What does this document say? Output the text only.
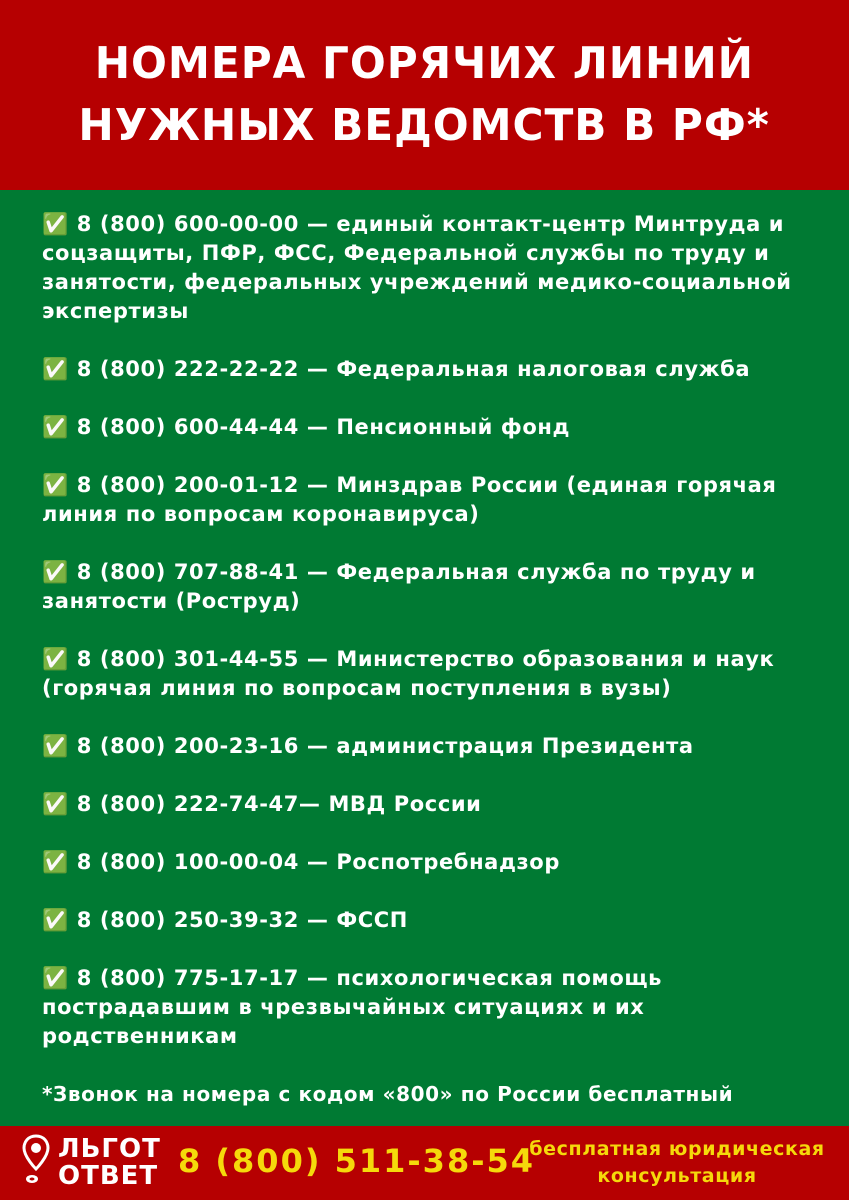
НОМЕРА ГОРЯЧИХ ЛИНИЙ
НУЖНЫХ ВЕДОМСТВ В РФ*
✅ 8 (800) 600-00-00 — единый контакт-центр Минтруда и соцзащиты, ПФР, ФСС, Федеральной службы по труду и занятости, федеральных учреждений медико-социальной экспертизы
✅ 8 (800) 222-22-22 — Федеральная налоговая служба
✅ 8 (800) 600-44-44 — Пенсионный фонд
✅ 8 (800) 200-01-12 — Минздрав России (единая горячая линия по вопросам коронавируса)
✅ 8 (800) 707-88-41 — Федеральная служба по труду и занятости (Роструд)
✅ 8 (800) 301-44-55 — Министерство образования и наук (горячая линия по вопросам поступления в вузы)
✅ 8 (800) 200-23-16 — администрация Президента
✅ 8 (800) 222-74-47— МВД России
✅ 8 (800) 100-00-04 — Роспотребнадзор
✅ 8 (800) 250-39-32 — ФССП
✅ 8 (800) 775-17-17 — психологическая помощь пострадавшим в чрезвычайных ситуациях и их родственникам
*Звонок на номера с кодом «800» по России бесплатный
ЛЬГОТ
ОТВЕТ 8 (800) 511-38-54
бесплатная юридическая
консультация
